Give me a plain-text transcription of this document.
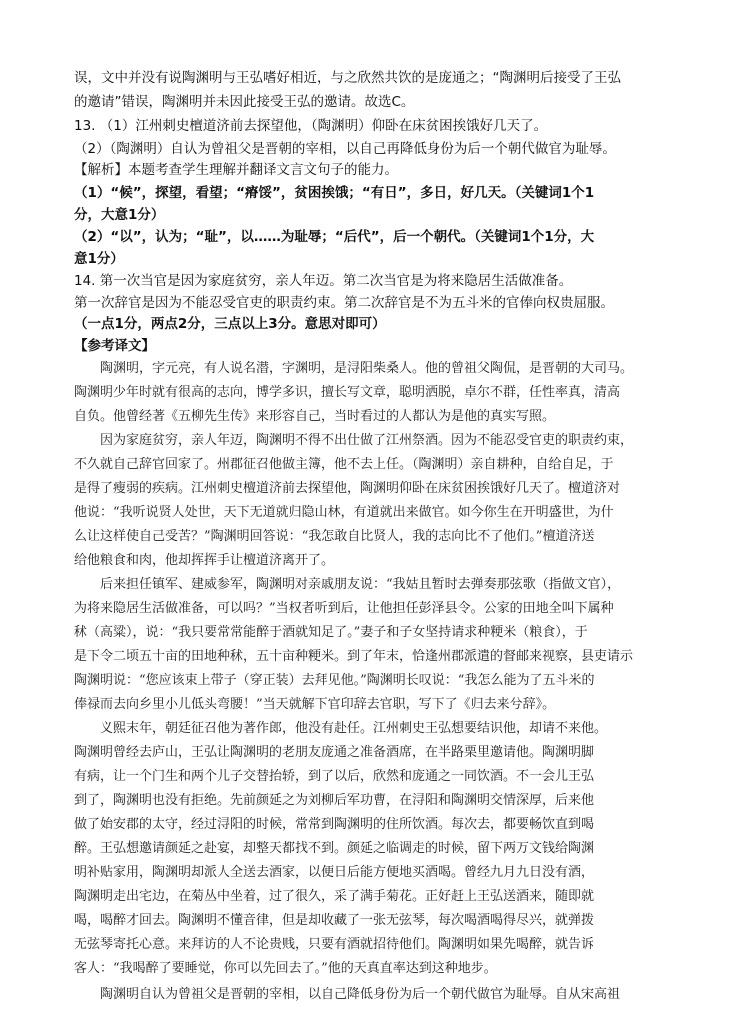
误，文中并没有说陶渊明与王弘嗜好相近，与之欣然共饮的是庞通之；“陶渊明后接受了王弘
的邀请”错误，陶渊明并未因此接受王弘的邀请。故选C。
13. （1）江州刺史檀道济前去探望他，（陶渊明）仰卧在床贫困挨饿好几天了。
（2）（陶渊明）自认为曾祖父是晋朝的宰相，以自己再降低身份为后一个朝代做官为耻辱。
【解析】本题考查学生理解并翻译文言文句子的能力。
（1）“候”，探望，看望；“瘠馁”，贫困挨饿；“有日”，多日，好几天。（关键词1个1
分，大意1分）
（2）“以”，认为；“耻”，以……为耻辱；“后代”，后一个朝代。（关键词1个1分，大
意1分）
14. 第一次当官是因为家庭贫穷，亲人年迈。第二次当官是为将来隐居生活做准备。
第一次辞官是因为不能忍受官吏的职责约束。第二次辞官是不为五斗米的官俸向权贵屈服。
（一点1分，两点2分，三点以上3分。意思对即可）
【参考译文】
　　陶渊明，字元亮，有人说名潜，字渊明，是浔阳柴桑人。他的曾祖父陶侃，是晋朝的大司马。
陶渊明少年时就有很高的志向，博学多识，擅长写文章，聪明洒脱，卓尔不群，任性率真，清高
自负。他曾经著《五柳先生传》来形容自己，当时看过的人都认为是他的真实写照。
　　因为家庭贫穷，亲人年迈，陶渊明不得不出仕做了江州祭酒。因为不能忍受官吏的职责约束，
不久就自己辞官回家了。州郡征召他做主簿，他不去上任。（陶渊明）亲自耕种，自给自足，于
是得了瘦弱的疾病。江州刺史檀道济前去探望他，陶渊明仰卧在床贫困挨饿好几天了。檀道济对
他说：“我听说贤人处世，天下无道就归隐山林，有道就出来做官。如今你生在开明盛世，为什
么让这样使自己受苦？”陶渊明回答说：“我怎敢自比贤人，我的志向比不了他们。”檀道济送
给他粮食和肉，他却挥挥手让檀道济离开了。
　　后来担任镇军、建威参军，陶渊明对亲戚朋友说：“我姑且暂时去弹奏那弦歌（指做文官），
为将来隐居生活做准备，可以吗？”当权者听到后，让他担任彭泽县令。公家的田地全叫下属种
秫（高粱），说：“我只要常常能醉于酒就知足了。”妻子和子女坚持请求种粳米（粮食），于
是下令二顷五十亩的田地种秫，五十亩种粳米。到了年末，恰逢州郡派遣的督邮来视察，县吏请示
陶渊明说：“您应该束上带子（穿正装）去拜见他。”陶渊明长叹说：“我怎么能为了五斗米的
俸禄而去向乡里小儿低头弯腰！”当天就解下官印辞去官职，写下了《归去来兮辞》。
　　义熙末年，朝廷征召他为著作郎，他没有赴任。江州刺史王弘想要结识他，却请不来他。
陶渊明曾经去庐山，王弘让陶渊明的老朋友庞通之准备酒席，在半路栗里邀请他。陶渊明脚
有病，让一个门生和两个儿子交替抬轿，到了以后，欣然和庞通之一同饮酒。不一会儿王弘
到了，陶渊明也没有拒绝。先前颜延之为刘柳后军功曹，在浔阳和陶渊明交情深厚，后来他
做了始安郡的太守，经过浔阳的时候，常常到陶渊明的住所饮酒。每次去，都要畅饮直到喝
醉。王弘想邀请颜延之赴宴，却整天都找不到。颜延之临调走的时候，留下两万文钱给陶渊
明补贴家用，陶渊明却派人全送去酒家，以便日后能方便地买酒喝。曾经九月九日没有酒，
陶渊明走出宅边，在菊丛中坐着，过了很久，采了满手菊花。正好赶上王弘送酒来，随即就
喝，喝醉才回去。陶渊明不懂音律，但是却收藏了一张无弦琴，每次喝酒喝得尽兴，就弹拨
无弦琴寄托心意。来拜访的人不论贵贱，只要有酒就招待他们。陶渊明如果先喝醉，就告诉
客人：“我喝醉了要睡觉，你可以先回去了。”他的天真直率达到这种地步。
　　陶渊明自认为曾祖父是晋朝的宰相，以自己降低身份为后一个朝代做官为耻辱。自从宋高祖
